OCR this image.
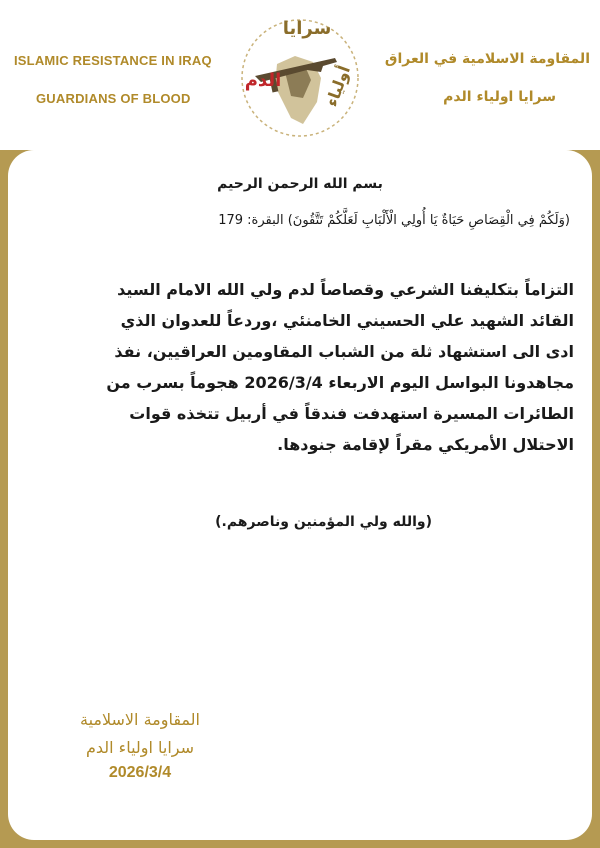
ISLAMIC RESISTANCE IN IRAQ
GUARDIANS OF BLOOD
المقاومة الاسلامية في العراق
سرايا اولياء الدم
سرايا
الدم	أولياء
بسم الله الرحمن الرحيم
(وَلَكُمْ فِي الْقِصَاصِ حَيَاةٌ يَا أُولِي الْأَلْبَابِ لَعَلَّكُمْ تَتَّقُونَ) البقرة: 179
التزاماً بتكليفنا الشرعي وقصاصاً لدم ولي الله الامام السيد
القائد الشهيد علي الحسيني الخامنئي ،وردعاً للعدوان الذي
ادى الى استشهاد ثلة من الشباب المقاومين العراقيين، نفذ
مجاهدونا البواسل اليوم الاربعاء 2026/3/4 هجوماً بسرب من
الطائرات المسيرة استهدفت فندقاً في أربيل تتخذه قوات
الاحتلال الأمريكي مقراً لإقامة جنودها.
(والله ولي المؤمنين وناصرهم.)
المقاومة الاسلامية
سرايا اولياء الدم
2026/3/4
